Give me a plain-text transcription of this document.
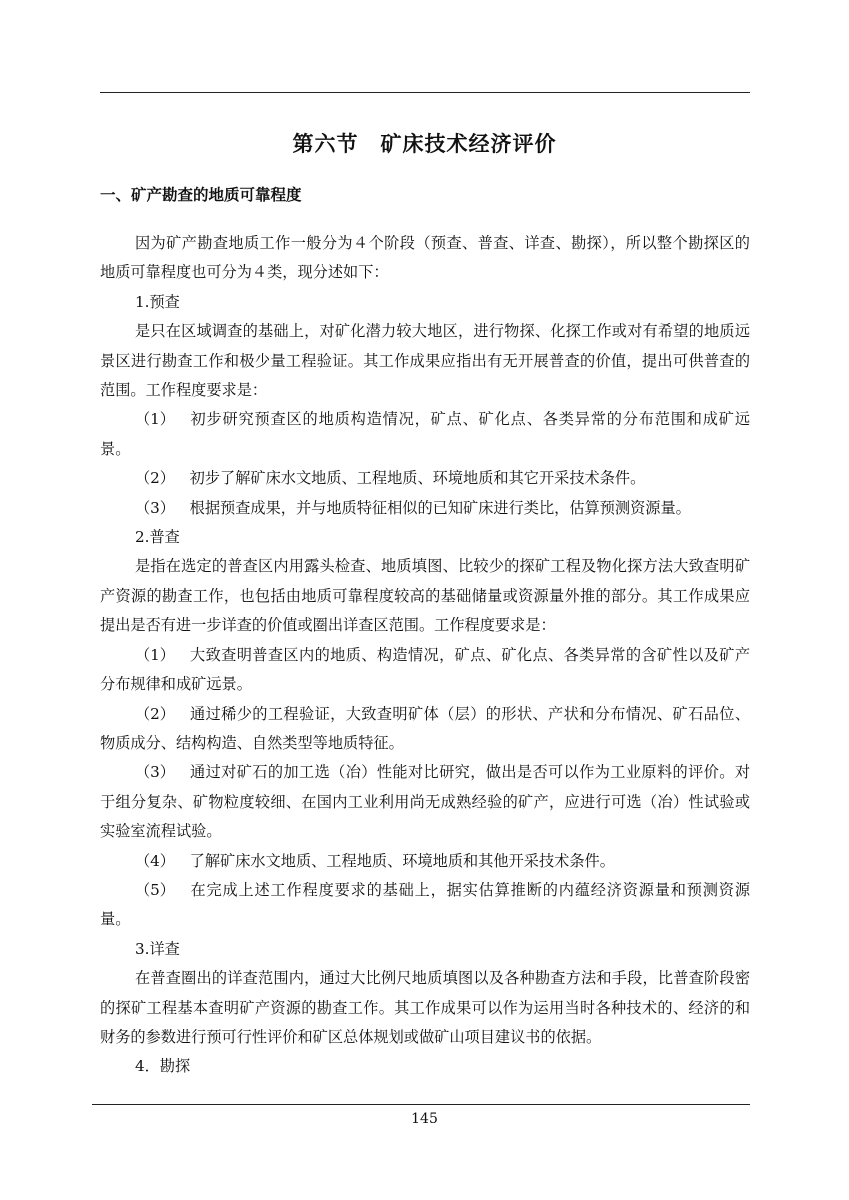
第六节 矿床技术经济评价
一、矿产勘查的地质可靠程度

因为矿产勘查地质工作一般分为４个阶段（预查、普查、详查、勘探），所以整个勘探区的地质可靠程度也可分为４类，现分述如下：

1.预查

是只在区域调查的基础上，对矿化潜力较大地区，进行物探、化探工作或对有希望的地质远景区进行勘查工作和极少量工程验证。其工作成果应指出有无开展普查的价值，提出可供普查的范围。工作程度要求是：

（1） 初步研究预查区的地质构造情况，矿点、矿化点、各类异常的分布范围和成矿远景。

（2） 初步了解矿床水文地质、工程地质、环境地质和其它开采技术条件。

（3） 根据预查成果，并与地质特征相似的已知矿床进行类比，估算预测资源量。

2.普查

是指在选定的普查区内用露头检查、地质填图、比较少的探矿工程及物化探方法大致查明矿产资源的勘查工作，也包括由地质可靠程度较高的基础储量或资源量外推的部分。其工作成果应提出是否有进一步详查的价值或圈出详查区范围。工作程度要求是：

（1） 大致查明普查区内的地质、构造情况，矿点、矿化点、各类异常的含矿性以及矿产分布规律和成矿远景。

（2） 通过稀少的工程验证，大致查明矿体（层）的形状、产状和分布情况、矿石品位、物质成分、结构构造、自然类型等地质特征。

（3） 通过对矿石的加工选（冶）性能对比研究，做出是否可以作为工业原料的评价。对于组分复杂、矿物粒度较细、在国内工业利用尚无成熟经验的矿产，应进行可选（冶）性试验或实验室流程试验。

（4） 了解矿床水文地质、工程地质、环境地质和其他开采技术条件。

（5） 在完成上述工作程度要求的基础上，据实估算推断的内蕴经济资源量和预测资源量。

3.详查

在普查圈出的详查范围内，通过大比例尺地质填图以及各种勘查方法和手段，比普查阶段密的探矿工程基本查明矿产资源的勘查工作。其工作成果可以作为运用当时各种技术的、经济的和财务的参数进行预可行性评价和矿区总体规划或做矿山项目建议书的依据。

4．勘探

145
